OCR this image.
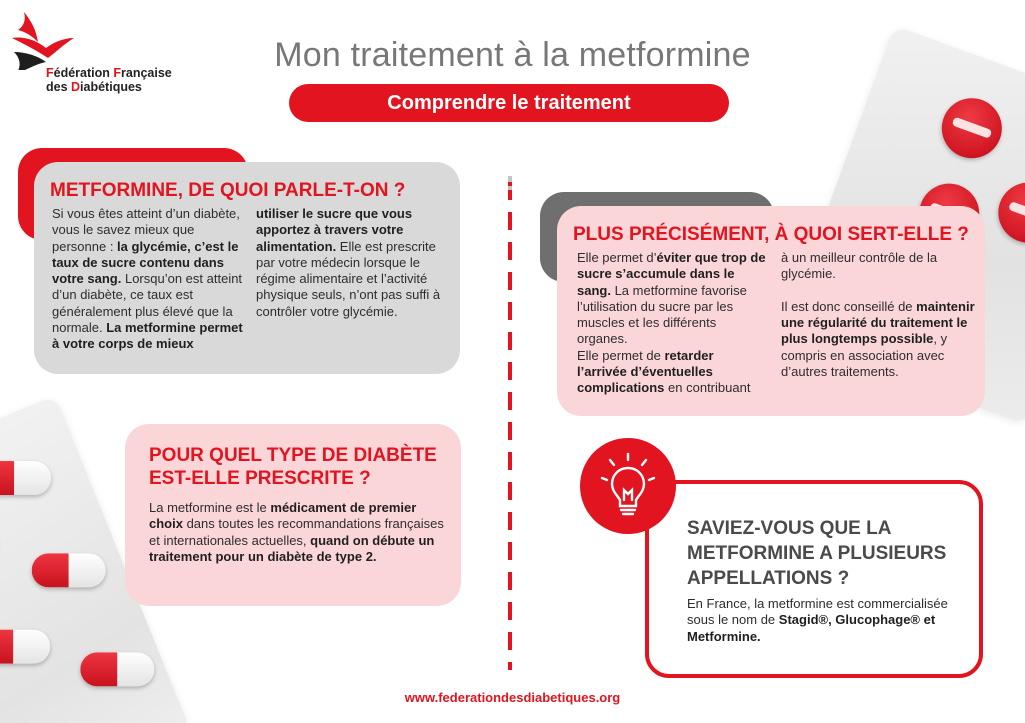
Fédération Française
des Diabétiques
Mon traitement à la metformine
Comprendre le traitement
METFORMINE, DE QUOI PARLE-T-ON ?
Si vous êtes atteint d’un diabète, vous le savez mieux que personne : la glycémie, c’est le taux de sucre contenu dans votre sang. Lorsqu’on est atteint d’un diabète, ce taux est généralement plus élevé que la normale. La metformine permet à votre corps de mieux
utiliser le sucre que vous apportez à travers votre alimentation. Elle est prescrite par votre médecin lorsque le régime alimentaire et l’activité physique seuls, n’ont pas suffi à contrôler votre glycémie.
PLUS PRÉCISÉMENT, À QUOI SERT-ELLE ?
Elle permet d’éviter que trop de sucre s’accumule dans le sang. La metformine favorise l’utilisation du sucre par les muscles et les différents organes.
Elle permet de retarder l’arrivée d’éventuelles complications en contribuant
à un meilleur contrôle de la glycémie.

Il est donc conseillé de maintenir une régularité du traitement le plus longtemps possible, y compris en association avec d’autres traitements.
POUR QUEL TYPE DE DIABÈTE EST-ELLE PRESCRITE ?
La metformine est le médicament de premier choix dans toutes les recommandations françaises et internationales actuelles, quand on débute un traitement pour un diabète de type 2.
SAVIEZ-VOUS QUE LA METFORMINE A PLUSIEURS APPELLATIONS ?
En France, la metformine est commercialisée sous le nom de Stagid®, Glucophage® et Metformine.
www.federationdesdiabetiques.org
